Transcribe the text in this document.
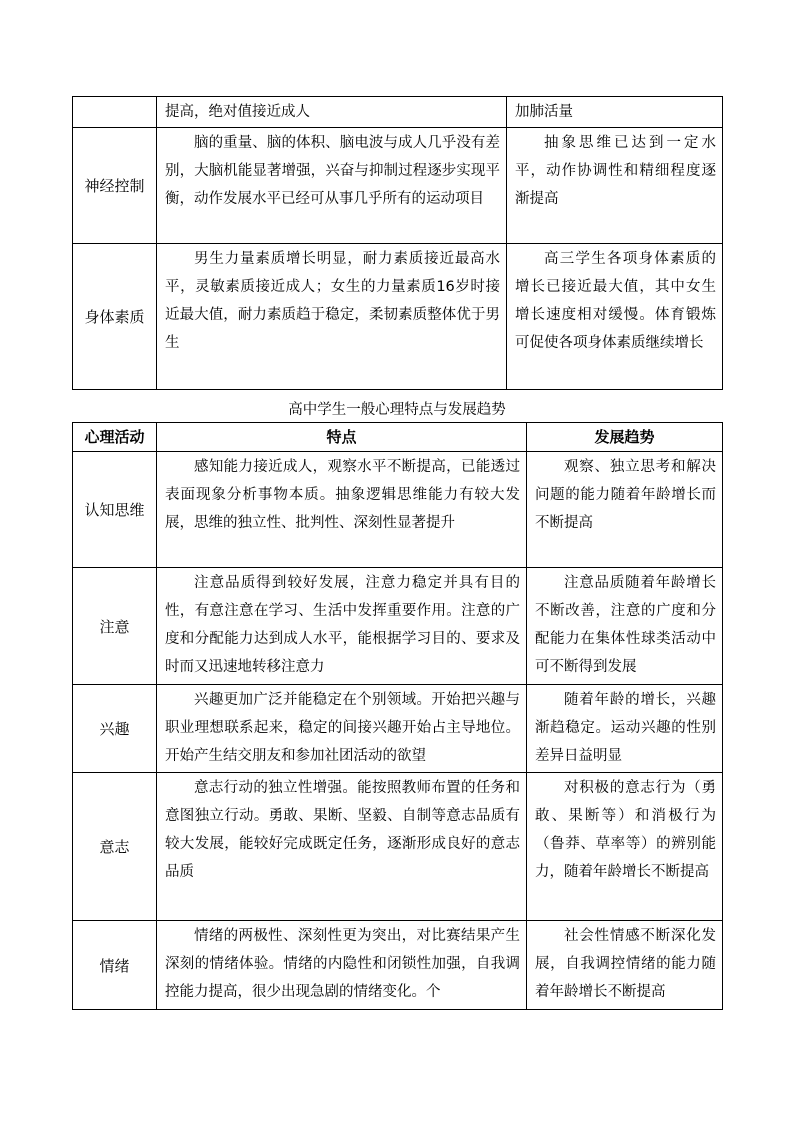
	提高，绝对值接近成人	加肺活量
神经控制	脑的重量、脑的体积、脑电波与成人几乎没有差别，大脑机能显著增强，兴奋与抑制过程逐步实现平衡，动作发展水平已经可从事几乎所有的运动项目	抽象思维已达到一定水平，动作协调性和精细程度逐渐提高
身体素质	男生力量素质增长明显，耐力素质接近最高水平，灵敏素质接近成人；女生的力量素质16岁时接近最大值，耐力素质趋于稳定，柔韧素质整体优于男生	高三学生各项身体素质的增长已接近最大值，其中女生增长速度相对缓慢。体育锻炼可促使各项身体素质继续增长
高中学生一般心理特点与发展趋势
心理活动	特点	发展趋势
认知思维	感知能力接近成人，观察水平不断提高，已能透过表面现象分析事物本质。抽象逻辑思维能力有较大发展，思维的独立性、批判性、深刻性显著提升	观察、独立思考和解决问题的能力随着年龄增长而不断提高
注意	注意品质得到较好发展，注意力稳定并具有目的性，有意注意在学习、生活中发挥重要作用。注意的广度和分配能力达到成人水平，能根据学习目的、要求及时而又迅速地转移注意力	注意品质随着年龄增长不断改善，注意的广度和分配能力在集体性球类活动中可不断得到发展
兴趣	兴趣更加广泛并能稳定在个别领域。开始把兴趣与职业理想联系起来，稳定的间接兴趣开始占主导地位。开始产生结交朋友和参加社团活动的欲望	随着年龄的增长，兴趣渐趋稳定。运动兴趣的性别差异日益明显
意志	意志行动的独立性增强。能按照教师布置的任务和意图独立行动。勇敢、果断、坚毅、自制等意志品质有较大发展，能较好完成既定任务，逐渐形成良好的意志品质	对积极的意志行为（勇敢、果断等）和消极行为（鲁莽、草率等）的辨别能力，随着年龄增长不断提高
情绪	情绪的两极性、深刻性更为突出，对比赛结果产生深刻的情绪体验。情绪的内隐性和闭锁性加强，自我调控能力提高，很少出现急剧的情绪变化。个	社会性情感不断深化发展，自我调控情绪的能力随着年龄增长不断提高
